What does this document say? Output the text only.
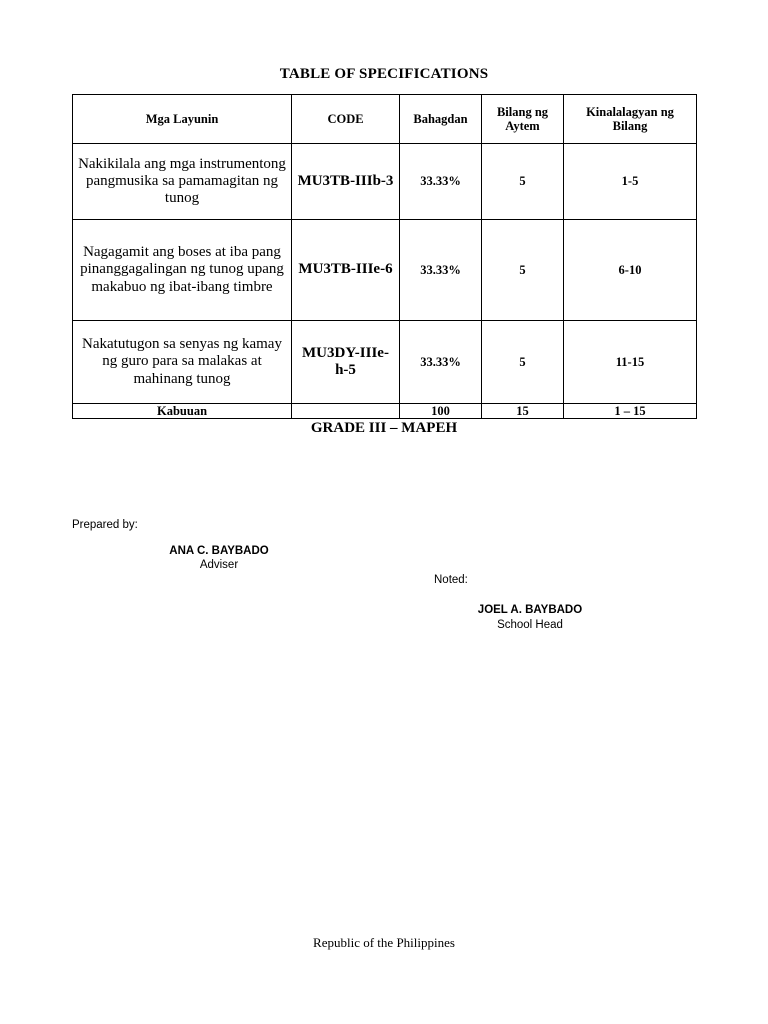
TABLE OF SPECIFICATIONS
Mga Layunin	CODE	Bahagdan	Bilang ng Aytem	Kinalalagyan ng Bilang
Nakikilala ang mga instrumentong pangmusika sa pamamagitan ng tunog	MU3TB-IIIb-3	33.33%	5	1-5
Nagagamit ang boses at iba pang pinanggagalingan ng tunog upang makabuo ng ibat-ibang timbre	MU3TB-IIIe-6	33.33%	5	6-10
Nakatutugon sa senyas ng kamay ng guro para sa malakas at mahinang tunog	MU3DY-IIIe-h-5	33.33%	5	11-15
Kabuuan		100	15	1 – 15
GRADE III – MAPEH
Prepared by:
ANA C. BAYBADO
Adviser
Noted:
JOEL A. BAYBADO
School Head
Republic of the Philippines
